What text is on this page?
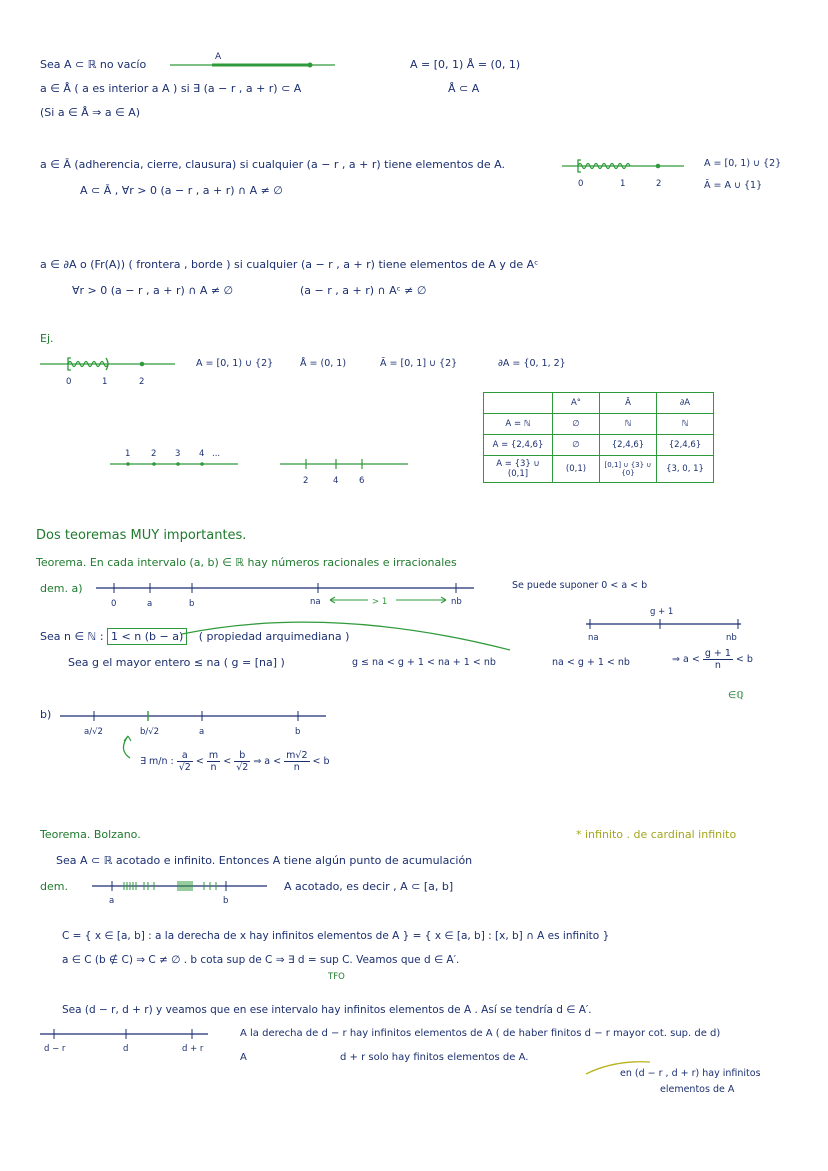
Sea A ⊂ ℝ no vacío
A
A = [0, 1) Å = (0, 1)
a ∈ Å ( a es interior a A ) si ∃ (a − r , a + r) ⊂ A	Å ⊂ A
(Si a ∈ Å ⇒ a ∈ A)
a ∈ Ā (adherencia, cierre, clausura) si cualquier (a − r , a + r) tiene elementos de A.
A ⊂ Ā , ∀r > 0 (a − r , a + r) ∩ A ≠ ∅	0	1	2
A = [0, 1) ∪ {2}
Ā = A ∪ {1}
a ∈ ∂A o (Fr(A)) ( frontera , borde ) si cualquier (a − r , a + r) tiene elementos de A y de Aᶜ
∀r > 0 (a − r , a + r) ∩ A ≠ ∅	(a − r , a + r) ∩ Aᶜ ≠ ∅
Ej.
0	1	2
A = [0, 1) ∪ {2}	Å = (0, 1)	Ā = [0, 1] ∪ {2}	∂A = {0, 1, 2}
	A°	Ā	∂A
A = ℕ	∅	ℕ	ℕ
A = {2,4,6}	∅	{2,4,6}	{2,4,6}
A = {3} ∪ (0,1]	(0,1)	[0,1] ∪ {3} ∪ {0}	{3, 0, 1}
1 2 3 4 ...
2	4 6
Dos teoremas MUY importantes.
Teorema. En cada intervalo (a, b) ∈ ℝ hay números racionales e irracionales
dem. a)
> 1
0	a	b	na	nb
Se puede suponer 0 < a < b
Sea n ∈ ℕ : 1 < n (b − a) ( propiedad arquimediana )
g + 1
na	nb
Sea g el mayor entero ≤ na ( g = [na] )	g ≤ na < g + 1 < na + 1 < nb	na < g + 1 < nb	⇒ $a < \frac{g + 1}{n} < b$
∈ℚ
b)
a/√2	b/√2	a	b
∃ m/n : $\frac{a}{√2} < \frac{m}{n} < \frac{b}{√2}$ ⇒ $a < \frac{m√2}{n} < b$
Teorema. Bolzano.	* infinito . de cardinal infinito
Sea A ⊂ ℝ acotado e infinito. Entonces A tiene algún punto de acumulación
dem.
a	b
A acotado, es decir , A ⊂ [a, b]
C = { x ∈ [a, b] : a la derecha de x hay infinitos elementos de A } = { x ∈ [a, b] : [x, b] ∩ A es infinito }
a ∈ C (b ∉ C) ⇒ C ≠ ∅ . b cota sup de C ⇒ ∃ d = sup C. Veamos que d ∈ A′.
TFO
Sea (d − r, d + r) y veamos que en ese intervalo hay infinitos elementos de A . Así se tendría d ∈ A′.
d − r	d	d + r
A la derecha de d − r hay infinitos elementos de A ( de haber finitos d − r mayor cot. sup. de d)
A	d + r solo hay finitos elementos de A.
en (d − r , d + r) hay infinitos
elementos de A
